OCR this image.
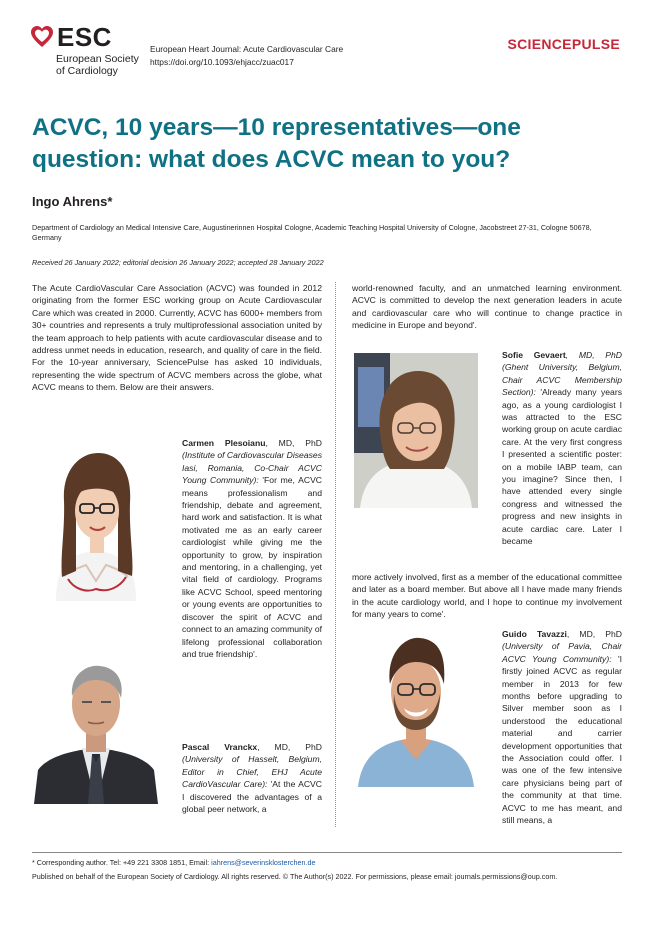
ESC
European Society
of Cardiology
European Heart Journal: Acute Cardiovascular Care
https://doi.org/10.1093/ehjacc/zuac017
SCIENCEPULSE
ACVC, 10 years—10 representatives—one question: what does ACVC mean to you?
Ingo Ahrens*
Department of Cardiology an Medical Intensive Care, Augustinerinnen Hospital Cologne, Academic Teaching Hospital University of Cologne, Jacobstreet 27-31, Cologne 50678, Germany
Received 26 January 2022; editorial decision 26 January 2022; accepted 28 January 2022
The Acute CardioVascular Care Association (ACVC) was founded in 2012 originating from the former ESC working group on Acute Cardiovascular Care which was created in 2000. Currently, ACVC has 6000+ members from 30+ countries and represents a truly multiprofessional association united by the team approach to help patients with acute cardiovascular disease and to address unmet needs in education, research, and quality of care in the field. For the 10-year anniversary, SciencePulse has asked 10 individuals, representing the wide spectrum of ACVC members across the globe, what ACVC means to them. Below are their answers.
Carmen Plesoianu, MD, PhD (Institute of Cardiovascular Diseases Iasi, Romania, Co-Chair ACVC Young Community): 'For me, ACVC means professionalism and friendship, debate and agreement, hard work and satisfaction. It is what motivated me as an early career cardiologist while giving me the opportunity to grow, by inspiration and mentoring, in a challenging, yet vital field of cardiology. Programs like ACVC School, speed mentoring or young events are opportunities to discover the spirit of ACVC and connect to an amazing community of lifelong professional collaboration and true friendship'.
Pascal Vranckx, MD, PhD (University of Hasselt, Belgium, Editor in Chief, EHJ Acute CardioVascular Care): 'At the ACVC I discovered the advantages of a global peer network, a
world-renowned faculty, and an unmatched learning environment. ACVC is committed to develop the next generation leaders in acute and cardiovascular care who will continue to change practice in medicine in Europe and beyond'.
Sofie Gevaert, MD, PhD (Ghent University, Belgium, Chair ACVC Membership Section): 'Already many years ago, as a young cardiologist I was attracted to the ESC working group on acute cardiac care. At the very first congress I presented a scientific poster: on a mobile IABP team, can you imagine? Since then, I have attended every single congress and witnessed the progress and new insights in acute cardiac care. Later I became
more actively involved, first as a member of the educational committee and later as a board member. But above all I have made many friends in the acute cardiology world, and I hope to continue my involvement for many years to come'.
Guido Tavazzi, MD, PhD (University of Pavia, Chair ACVC Young Community): 'I firstly joined ACVC as regular member in 2013 for few months before upgrading to Silver member soon as I understood the educational material and carrier development opportunities that the Association could offer. I was one of the few intensive care physicians being part of the community at that time. ACVC to me has meant, and still means, a
* Corresponding author. Tel: +49 221 3308 1851, Email: iahrens@severinsklosterchen.de
Published on behalf of the European Society of Cardiology. All rights reserved. © The Author(s) 2022. For permissions, please email: journals.permissions@oup.com.
